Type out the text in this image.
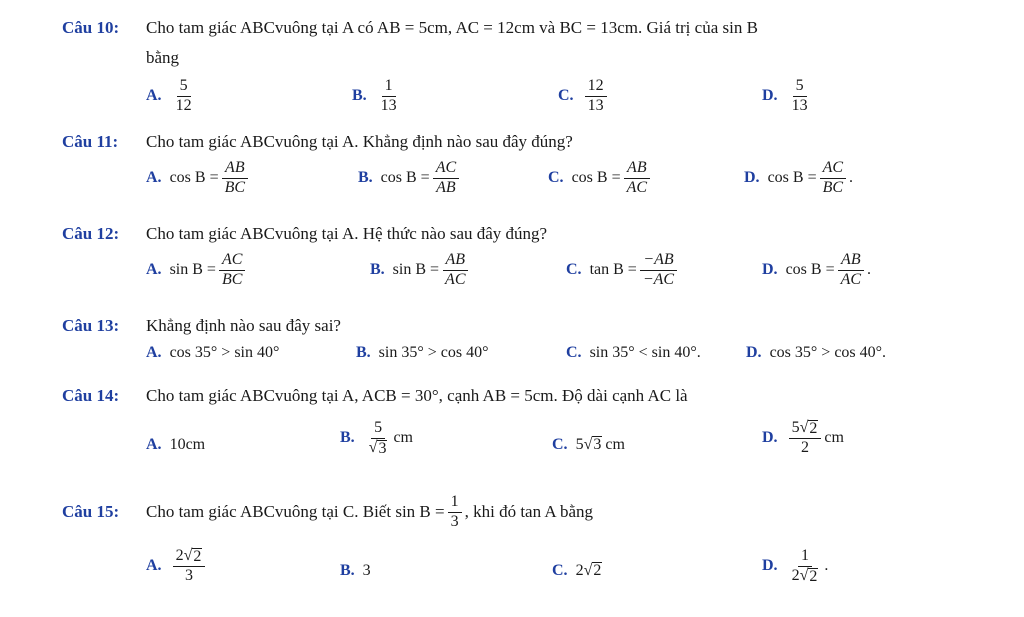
Câu 10: Cho tam giác ABCvuông tại A có AB = 5cm, AC = 12cm và BC = 13cm. Giá trị của sin B
bằng
A. $\frac{5}{12}$	B. $\frac{1}{13}$	C. $\frac{12}{13}$	D. $\frac{5}{13}$
Câu 11: Cho tam giác ABCvuông tại A. Khẳng định nào sau đây đúng?
A. $\cos B = \frac{AB}{BC}$	B. $\cos B = \frac{AC}{AB}$	C. $\cos B = \frac{AB}{AC}$	D. $\cos B = \frac{AC}{BC}$ .
Câu 12: Cho tam giác ABCvuông tại A. Hệ thức nào sau đây đúng?
A. $\sin B = \frac{AC}{BC}$	B. $\sin B = \frac{AB}{AC}$	C. $\tan B = \frac{-AB}{-AC}$	D. $\cos B = \frac{AB}{AC}$ .
Câu 13: Khẳng định nào sau đây sai?
A. cos 35° > sin 40°	B. sin 35° > cos 40°	C. sin 35° < sin 40°.	D. cos 35° > cos 40°.
Câu 14: Cho tam giác ABCvuông tại A, ACB = 30°, cạnh AB = 5cm. Độ dài cạnh AC là
A. 10cm	B. $\frac{5}{√ 3}$ cm	C. 5 √ 3 cm	D. $\frac{5 √ 2}{2}$ cm
Câu 15:	Cho tam giác ABCvuông tại C. Biết $\sin B = \frac{1}{3}$ , khi đó tan A bằng
A. $\frac{2 √ 2}{3}$	B. 3	C. 2 √ 2	D. $\frac{1}{2 √ 2}$ .
